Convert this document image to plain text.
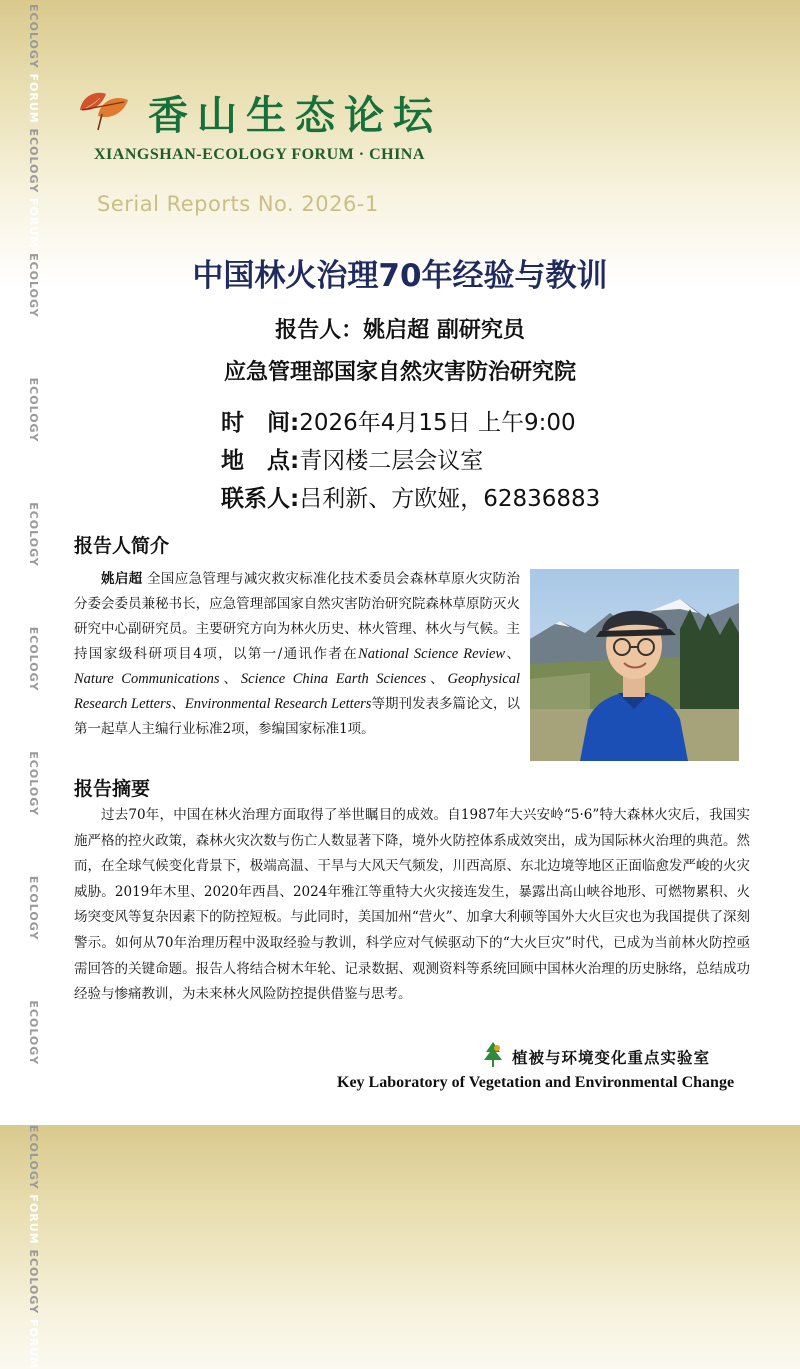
ECOLOGY FORUM ECOLOGY FORUM ECOLOGY FORUM ECOLOGY FORUM ECOLOGY FORUM ECOLOGY FORUM ECOLOGY FORUM ECOLOGY FORUM ECOLOGY FORUM ECOLOGY FORUM ECOLOGY FORUM
香山生态论坛
XIANGSHAN-ECOLOGY FORUM · CHINA
Serial Reports No. 2026-1
中国林火治理70年经验与教训
报告人：姚启超 副研究员
应急管理部国家自然灾害防治研究院
时　间: 2026年4月15日 上午9:00
地　点: 青冈楼二层会议室
联系人: 吕利新、方欧娅，62836883
报告人简介
姚启超 全国应急管理与减灾救灾标准化技术委员会森林草原火灾防治分委会委员兼秘书长，应急管理部国家自然灾害防治研究院森林草原防灭火研究中心副研究员。主要研究方向为林火历史、林火管理、林火与气候。主持国家级科研项目4项，以第一/通讯作者在National Science Review、Nature Communications、Science China Earth Sciences、Geophysical Research Letters、Environmental Research Letters等期刊发表多篇论文，以第一起草人主编行业标准2项，参编国家标准1项。
报告摘要
过去70年，中国在林火治理方面取得了举世瞩目的成效。自1987年大兴安岭“5·6”特大森林火灾后，我国实施严格的控火政策，森林火灾次数与伤亡人数显著下降，境外火防控体系成效突出，成为国际林火治理的典范。然而，在全球气候变化背景下，极端高温、干旱与大风天气频发，川西高原、东北边境等地区正面临愈发严峻的火灾威胁。2019年木里、2020年西昌、2024年雅江等重特大火灾接连发生，暴露出高山峡谷地形、可燃物累积、火场突变风等复杂因素下的防控短板。与此同时，美国加州“营火”、加拿大利顿等国外大火巨灾也为我国提供了深刻警示。如何从70年治理历程中汲取经验与教训，科学应对气候驱动下的“大火巨灾”时代，已成为当前林火防控亟需回答的关键命题。报告人将结合树木年轮、记录数据、观测资料等系统回顾中国林火治理的历史脉络，总结成功经验与惨痛教训，为未来林火风险防控提供借鉴与思考。
植被与环境变化重点实验室
Key Laboratory of Vegetation and Environmental Change
